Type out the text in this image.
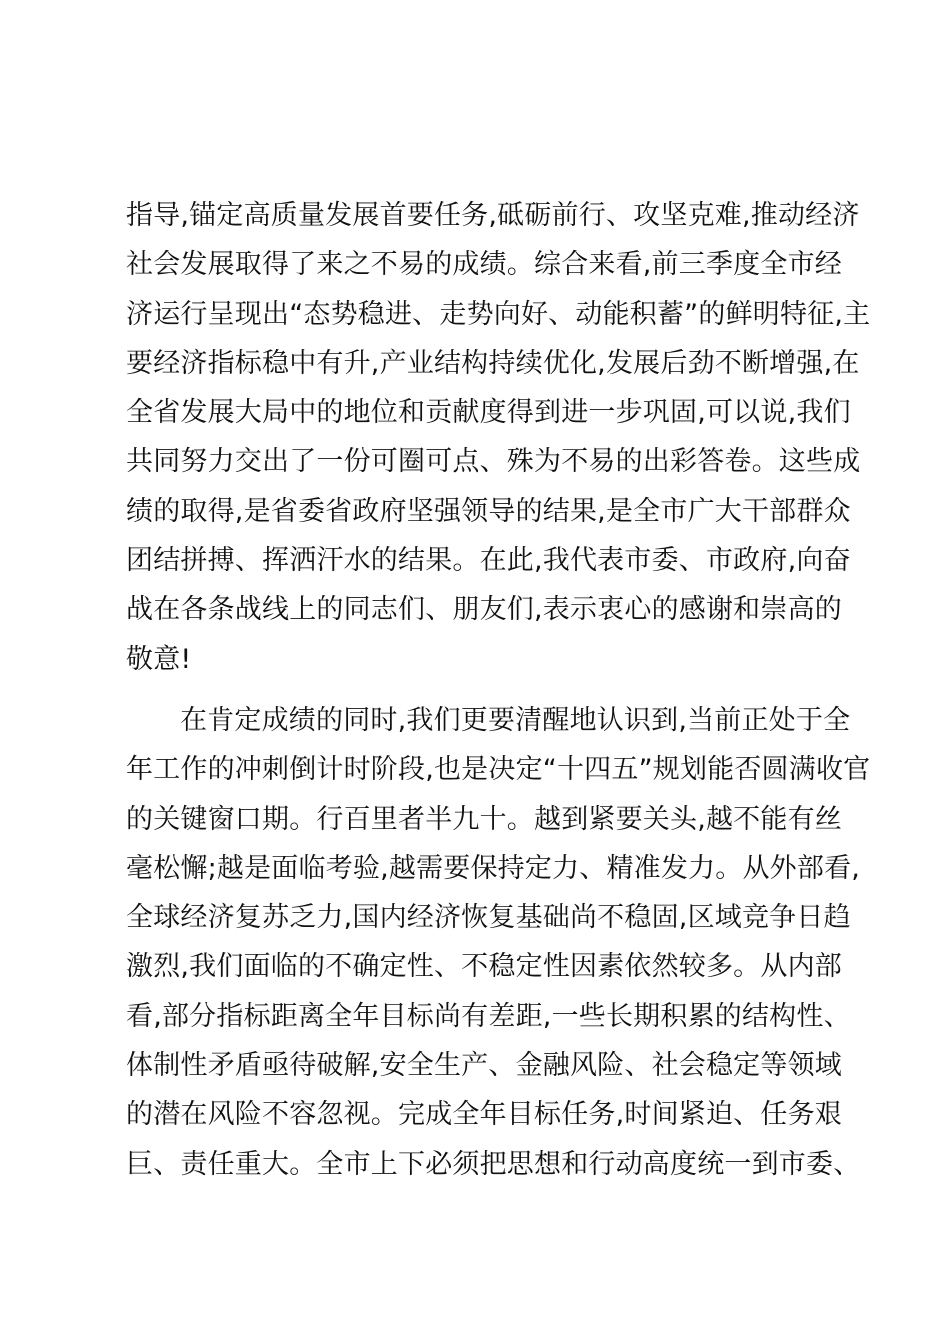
指导,锚定高质量发展首要任务,砥砺前行、攻坚克难,推动经济
社会发展取得了来之不易的成绩。综合来看,前三季度全市经
济运行呈现出“态势稳进、走势向好、动能积蓄”的鲜明特征,主
要经济指标稳中有升,产业结构持续优化,发展后劲不断增强,在
全省发展大局中的地位和贡献度得到进一步巩固,可以说,我们
共同努力交出了一份可圈可点、殊为不易的出彩答卷。这些成
绩的取得,是省委省政府坚强领导的结果,是全市广大干部群众
团结拼搏、挥洒汗水的结果。在此,我代表市委、市政府,向奋
战在各条战线上的同志们、朋友们,表示衷心的感谢和崇高的
敬意!
在肯定成绩的同时,我们更要清醒地认识到,当前正处于全
年工作的冲刺倒计时阶段,也是决定“十四五”规划能否圆满收官
的关键窗口期。行百里者半九十。越到紧要关头,越不能有丝
毫松懈;越是面临考验,越需要保持定力、精准发力。从外部看,
全球经济复苏乏力,国内经济恢复基础尚不稳固,区域竞争日趋
激烈,我们面临的不确定性、不稳定性因素依然较多。从内部
看,部分指标距离全年目标尚有差距,一些长期积累的结构性、
体制性矛盾亟待破解,安全生产、金融风险、社会稳定等领域
的潜在风险不容忽视。完成全年目标任务,时间紧迫、任务艰
巨、责任重大。全市上下必须把思想和行动高度统一到市委、
